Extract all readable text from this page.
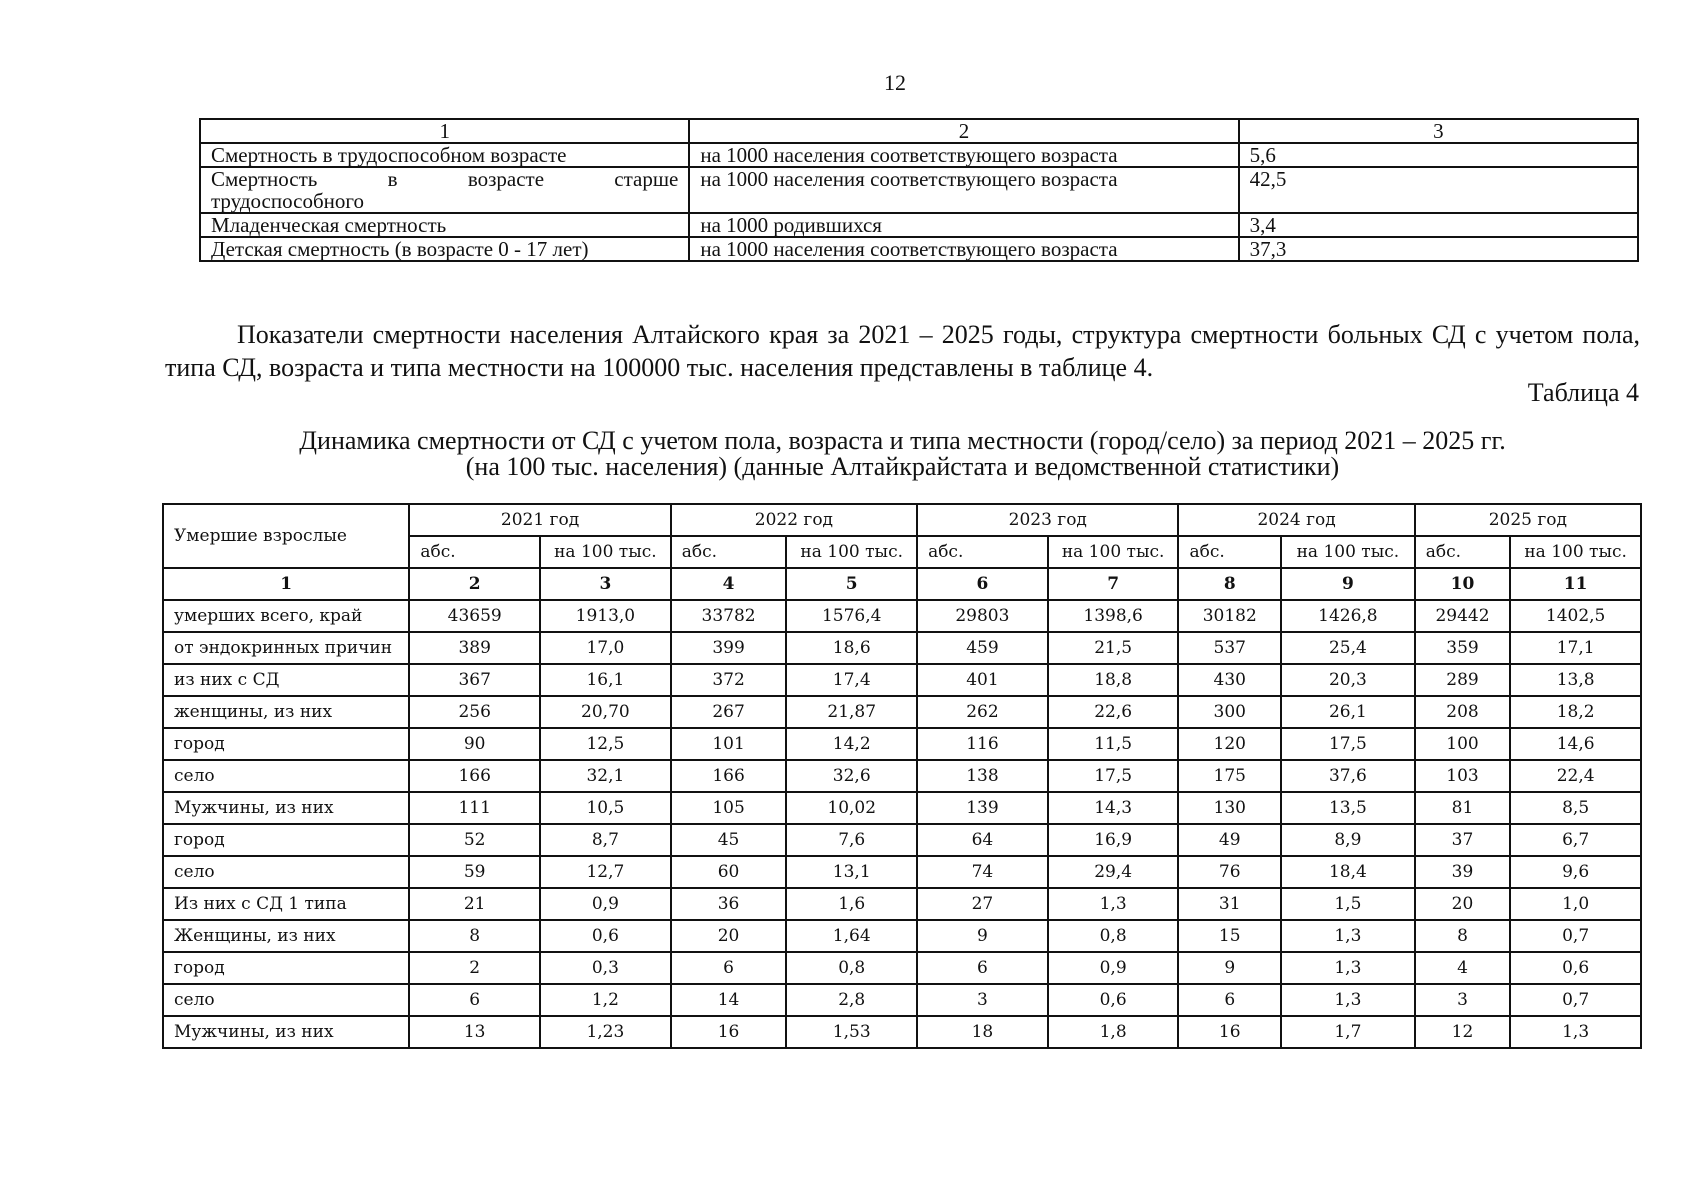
12
1	2	3
Смертность в трудоспособном возрасте	на 1000 населения соответствующего возраста	5,6

Смертность в возрасте старше
трудоспособного	на 1000 населения соответствующего возраста	42,5
Младенческая смертность	на 1000 родившихся	3,4
Детская смертность (в возрасте 0 - 17 лет)	на 1000 населения соответствующего возраста	37,3
Показатели смертности населения Алтайского края за 2021 – 2025 годы, структура смертности больных СД с учетом пола, типа СД, возраста и типа местности на 100000 тыс. населения представлены в таблице 4.
Таблица 4
Динамика смертности от СД с учетом пола, возраста и типа местности (город/село) за период 2021 – 2025 гг.
(на 100 тыс. населения) (данные Алтайкрайстата и ведомственной статистики)
Умершие взрослые	2021 год		2022 год		2023 год		2024 год		2025 год	
	абс.	на 100 тыс.	абс.	на 100 тыс.	абс.	на 100 тыс.	абс.	на 100 тыс.	абс.	на 100 тыс.
1	2	3	4	5	6	7	8	9	10	11
умерших всего, край	43659	1913,0	33782	1576,4	29803	1398,6	30182	1426,8	29442	1402,5
от эндокринных причин	389	17,0	399	18,6	459	21,5	537	25,4	359	17,1
из них с СД	367	16,1	372	17,4	401	18,8	430	20,3	289	13,8
женщины, из них	256	20,70	267	21,87	262	22,6	300	26,1	208	18,2
город	90	12,5	101	14,2	116	11,5	120	17,5	100	14,6
село	166	32,1	166	32,6	138	17,5	175	37,6	103	22,4
Мужчины, из них	111	10,5	105	10,02	139	14,3	130	13,5	81	8,5
город	52	8,7	45	7,6	64	16,9	49	8,9	37	6,7
село	59	12,7	60	13,1	74	29,4	76	18,4	39	9,6
Из них с СД 1 типа	21	0,9	36	1,6	27	1,3	31	1,5	20	1,0
Женщины, из них	8	0,6	20	1,64	9	0,8	15	1,3	8	0,7
город	2	0,3	6	0,8	6	0,9	9	1,3	4	0,6
село	6	1,2	14	2,8	3	0,6	6	1,3	3	0,7
Мужчины, из них	13	1,23	16	1,53	18	1,8	16	1,7	12	1,3
